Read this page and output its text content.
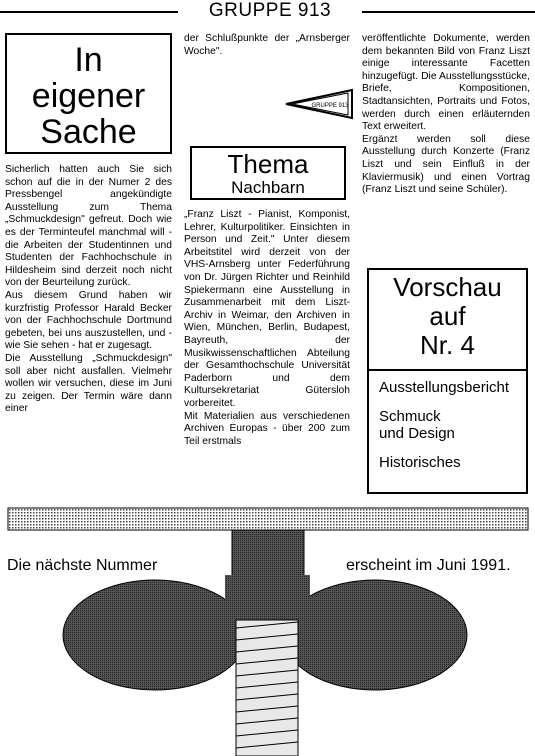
GRUPPE 913
In
eigener
Sache

Sicherlich hatten auch Sie sich schon auf die in der Numer 2 des Pressbengel angekündigte Ausstellung zum Thema „Schmuckdesign" gefreut. Doch wie es der Terminteufel manchmal will - die Arbeiten der Studentinnen und Studenten der Fachhochschule in Hildesheim sind derzeit noch nicht von der Beurteilung zurück.

Aus diesem Grund haben wir kurzfristig Professor Harald Becker von der Fachhochschule Dortmund gebeten, bei uns auszustellen, und - wie Sie sehen - hat er zugesagt.

Die Ausstellung „Schmuckdesign" soll aber nicht ausfallen. Vielmehr wollen wir versuchen, diese im Juni zu zeigen. Der Termin wäre dann einer

der Schlußpunkte der „Arnsberger Woche".

GRUPPE 913
Thema
Nachbarn

„Franz Liszt - Pianist, Komponist, Lehrer, Kulturpolitiker. Einsichten in Person und Zeit." Unter diesem Arbeitstitel wird derzeit von der VHS-Arnsberg unter Federführung von Dr. Jürgen Richter und Reinhild Spiekermann eine Ausstellung in Zusammenarbeit mit dem Liszt- Archiv in Weimar, den Archiven in Wien, München, Berlin, Budapest, Bayreuth, der Musikwissenschaftlichen Abteilung der Gesamthochschule Universität Paderborn und dem Kultursekretariat Gütersloh vorbereitet.

Mit Materialien aus verschiedenen Archiven Europas - über 200 zum Teil erstmals

veröffentlichte Dokumente, werden dem bekannten Bild von Franz Liszt einige interessante Facetten hinzugefügt. Die Ausstellungsstücke, Briefe, Kompositionen, Stadtansichten, Portraits und Fotos, werden durch einen erläuternden Text erweitert.

Ergänzt werden soll diese Ausstellung durch Konzerte (Franz Liszt und sein Einfluß in der Klaviermusik) und einen Vortrag (Franz Liszt und seine Schüler).

Vorschau
auf
Nr. 4
Ausstellungsbericht
Schmuck und Design
Historisches
Die nächste Nummer	erscheint im Juni 1991.
